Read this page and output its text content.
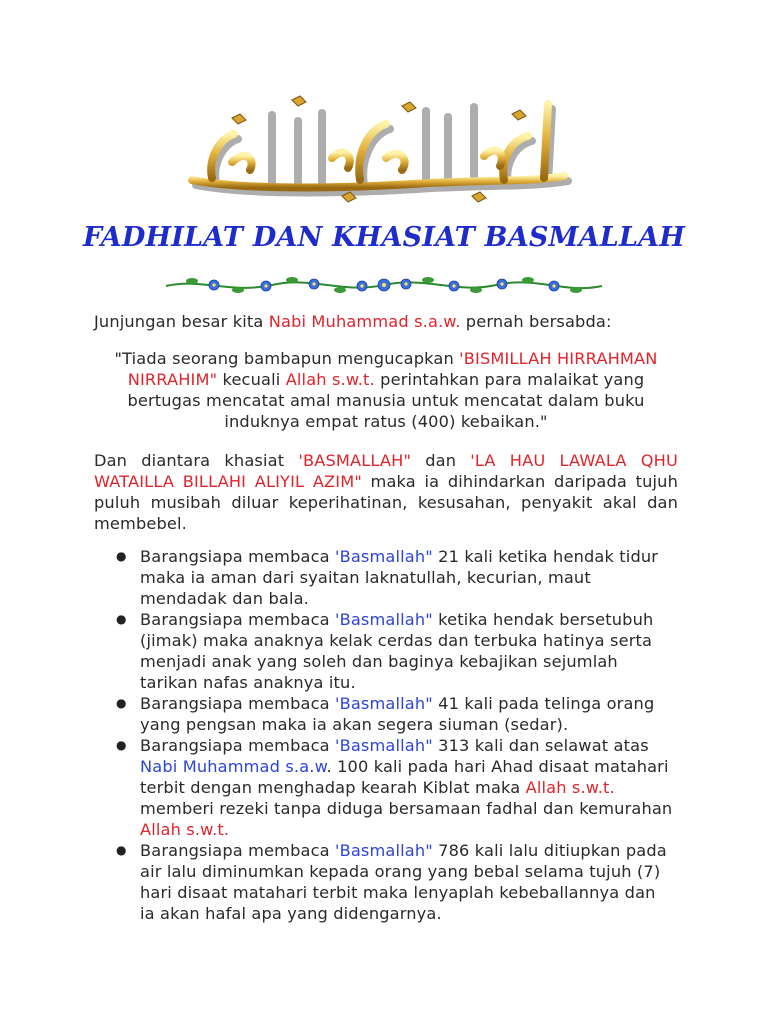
FADHILAT DAN KHASIAT BASMALLAH

Junjungan besar kita Nabi Muhammad s.a.w. pernah bersabda:

"Tiada seorang bambapun mengucapkan 'BISMILLAH HIRRAHMAN NIRRAHIM" kecuali Allah s.w.t. perintahkan para malaikat yang bertugas mencatat amal manusia untuk mencatat dalam buku induknya empat ratus (400) kebaikan."

Dan diantara khasiat 'BASMALLAH" dan 'LA HAU LAWALA QHU WATAILLA BILLAHI ALIYIL AZIM" maka ia dihindarkan daripada tujuh puluh musibah diluar keperihatinan, kesusahan, penyakit akal dan membebel.

● Barangsiapa membaca 'Basmallah" 21 kali ketika hendak tidur maka ia aman dari syaitan laknatullah, kecurian, maut mendadak dan bala.
● Barangsiapa membaca 'Basmallah" ketika hendak bersetubuh (jimak) maka anaknya kelak cerdas dan terbuka hatinya serta menjadi anak yang soleh dan baginya kebajikan sejumlah tarikan nafas anaknya itu.
● Barangsiapa membaca 'Basmallah" 41 kali pada telinga orang yang pengsan maka ia akan segera siuman (sedar).
● Barangsiapa membaca 'Basmallah" 313 kali dan selawat atas Nabi Muhammad s.a.w. 100 kali pada hari Ahad disaat matahari terbit dengan menghadap kearah Kiblat maka Allah s.w.t. memberi rezeki tanpa diduga bersamaan fadhal dan kemurahan Allah s.w.t.
● Barangsiapa membaca 'Basmallah" 786 kali lalu ditiupkan pada air lalu diminumkan kepada orang yang bebal selama tujuh (7) hari disaat matahari terbit maka lenyaplah kebeballannya dan ia akan hafal apa yang didengarnya.
